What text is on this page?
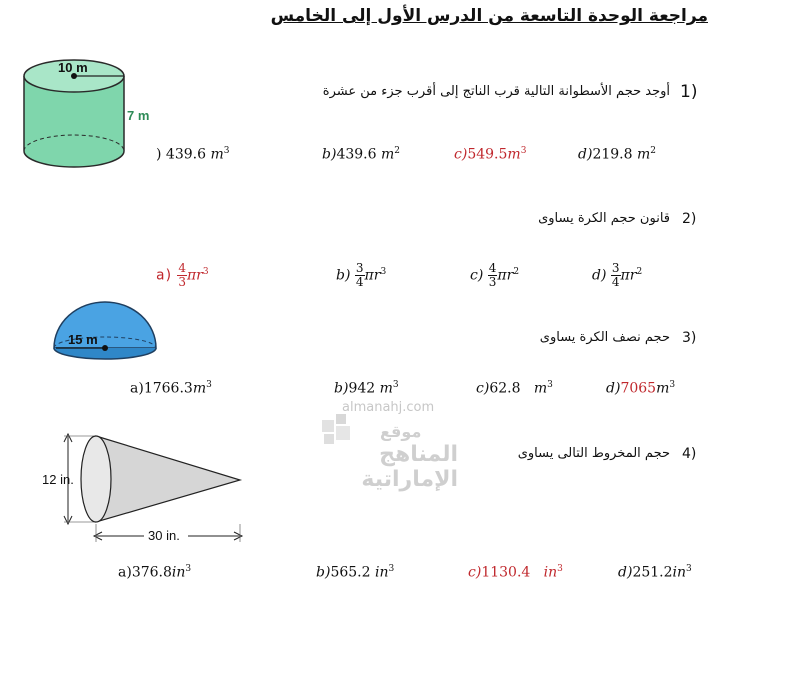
مراجعة الوحدة التاسعة من الدرس الأول إلى الخامس
almanahj.com
موقع
المناهج الإماراتية
10 m
7 m
15 m
12 in.
30 in.
أوجد حجم الأسطوانة التالية قرب الناتج إلى أقرب جزء من عشرة 1)
) 439.6 $m^3$	b)439.6 $m^2$	$c)549.5m^3$	d)219.8 $m^2$
قانون حجم الكرة يساوى 2)
$a) \frac{4}{3} \pi r^3$	$b) \frac{3}{4} \pi r^3$	$c) \frac{4}{3} \pi r^2$	$d) \frac{3}{4} \pi r^2$
حجم نصف الكرة يساوى 3)
$a)1766.3m^3$	b)942 $m^3$	c)62.8 $m^3$	$d)7065m^3$
حجم المخروط التالى يساوى 4)
$a)376.8in^3$	b)565.2 $in^3$	c)1130.4 $in^3$	$d)251.2in^3$
